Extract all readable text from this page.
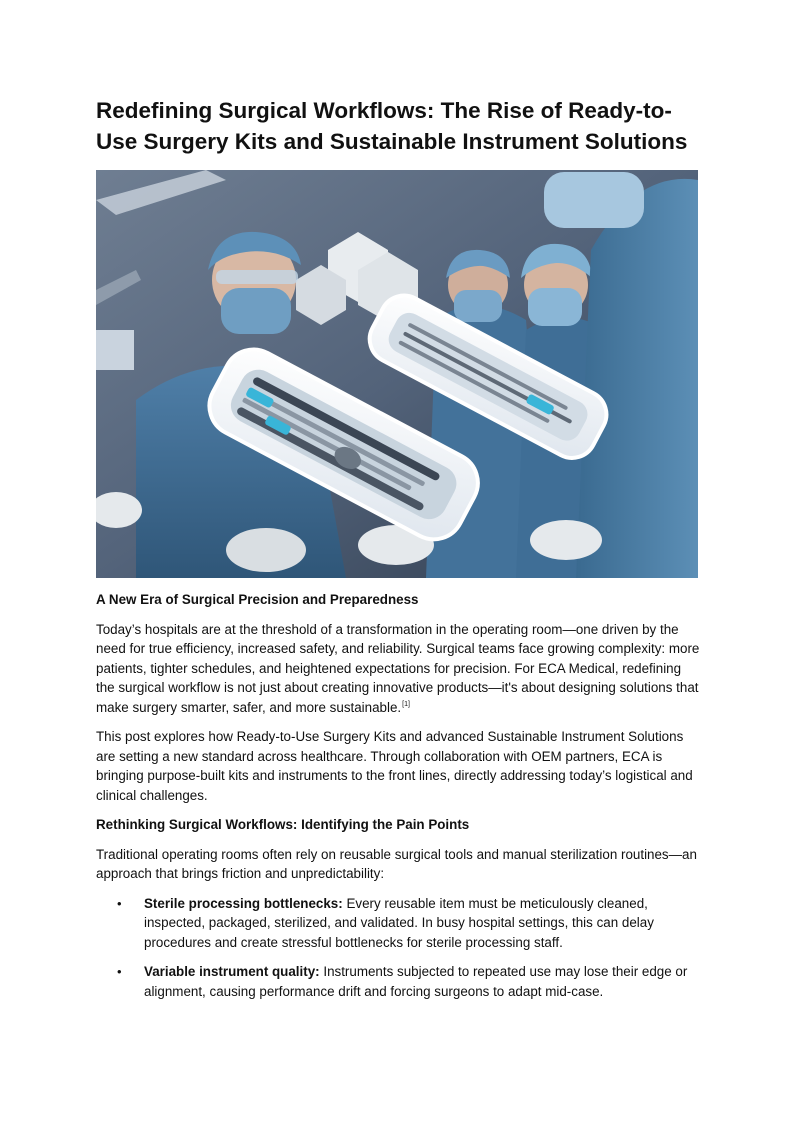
Redefining Surgical Workflows: The Rise of Ready-to-Use Surgery Kits and Sustainable Instrument Solutions

A New Era of Surgical Precision and Preparedness

Today’s hospitals are at the threshold of a transformation in the operating room—one driven by the need for true efficiency, increased safety, and reliability. Surgical teams face growing complexity: more patients, tighter schedules, and heightened expectations for precision. For ECA Medical, redefining the surgical workflow is not just about creating innovative products—it's about designing solutions that make surgery smarter, safer, and more sustainable.[1]

This post explores how Ready-to-Use Surgery Kits and advanced Sustainable Instrument Solutions are setting a new standard across healthcare. Through collaboration with OEM partners, ECA is bringing purpose-built kits and instruments to the front lines, directly addressing today’s logistical and clinical challenges.

Rethinking Surgical Workflows: Identifying the Pain Points

Traditional operating rooms often rely on reusable surgical tools and manual sterilization routines—an approach that brings friction and unpredictability:

• Sterile processing bottlenecks: Every reusable item must be meticulously cleaned, inspected, packaged, sterilized, and validated. In busy hospital settings, this can delay procedures and create stressful bottlenecks for sterile processing staff.
• Variable instrument quality: Instruments subjected to repeated use may lose their edge or alignment, causing performance drift and forcing surgeons to adapt mid-case.
